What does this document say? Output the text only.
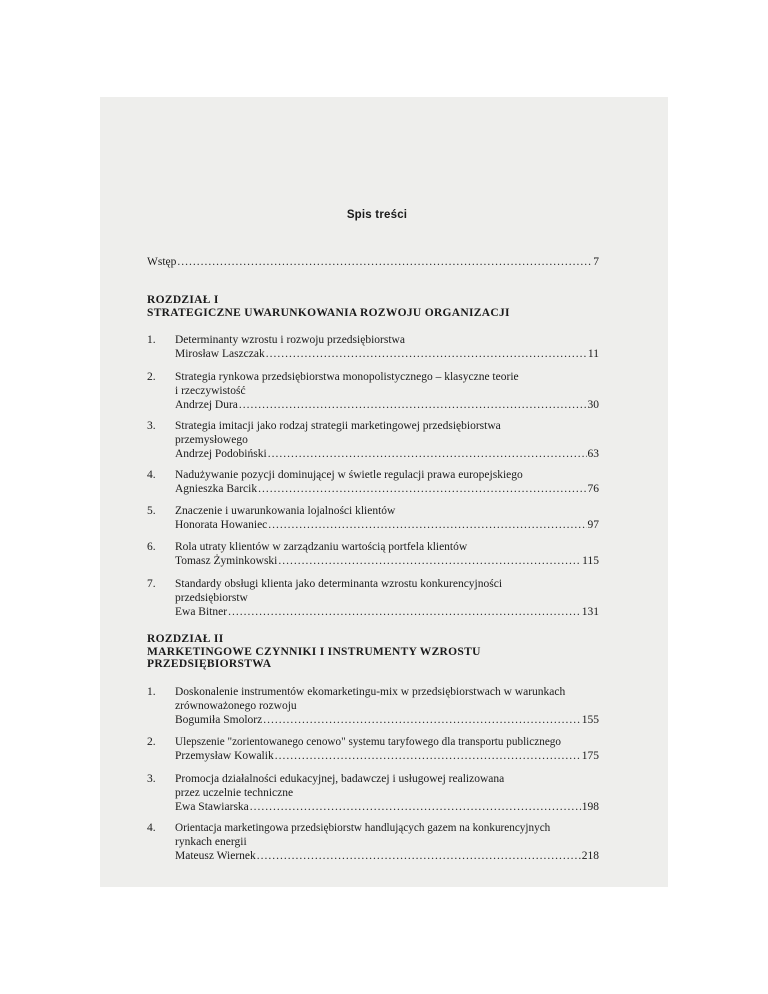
Spis treści
Wstęp .....	7
ROZDZIAŁ I
STRATEGICZNE UWARUNKOWANIA ROZWOJU ORGANIZACJI
1. Determinanty wzrostu i rozwoju przedsiębiorstwa
Mirosław Laszczak .....	11
2. Strategia rynkowa przedsiębiorstwa monopolistycznego – klasyczne teorie
i rzeczywistość
Andrzej Dura .....	30
3. Strategia imitacji jako rodzaj strategii marketingowej przedsiębiorstwa
przemysłowego
Andrzej Podobiński .....	63
4. Nadużywanie pozycji dominującej w świetle regulacji prawa europejskiego
Agnieszka Barcik .....	76
5. Znaczenie i uwarunkowania lojalności klientów
Honorata Howaniec .....	97
6. Rola utraty klientów w zarządzaniu wartością portfela klientów
Tomasz Żyminkowski .....	115
7. Standardy obsługi klienta jako determinanta wzrostu konkurencyjności
przedsiębiorstw
Ewa Bitner .....	131
ROZDZIAŁ II
MARKETINGOWE CZYNNIKI I INSTRUMENTY WZROSTU
PRZEDSIĘBIORSTWA
1. Doskonalenie instrumentów ekomarketingu-mix w przedsiębiorstwach w warunkach
zrównoważonego rozwoju
Bogumiła Smolorz .....	155
2. Ulepszenie "zorientowanego cenowo" systemu taryfowego dla transportu publicznego
Przemysław Kowalik .....	175
3. Promocja działalności edukacyjnej, badawczej i usługowej realizowana
przez uczelnie techniczne
Ewa Stawiarska .....	198
4. Orientacja marketingowa przedsiębiorstw handlujących gazem na konkurencyjnych
rynkach energii
Mateusz Wiernek .....	218
